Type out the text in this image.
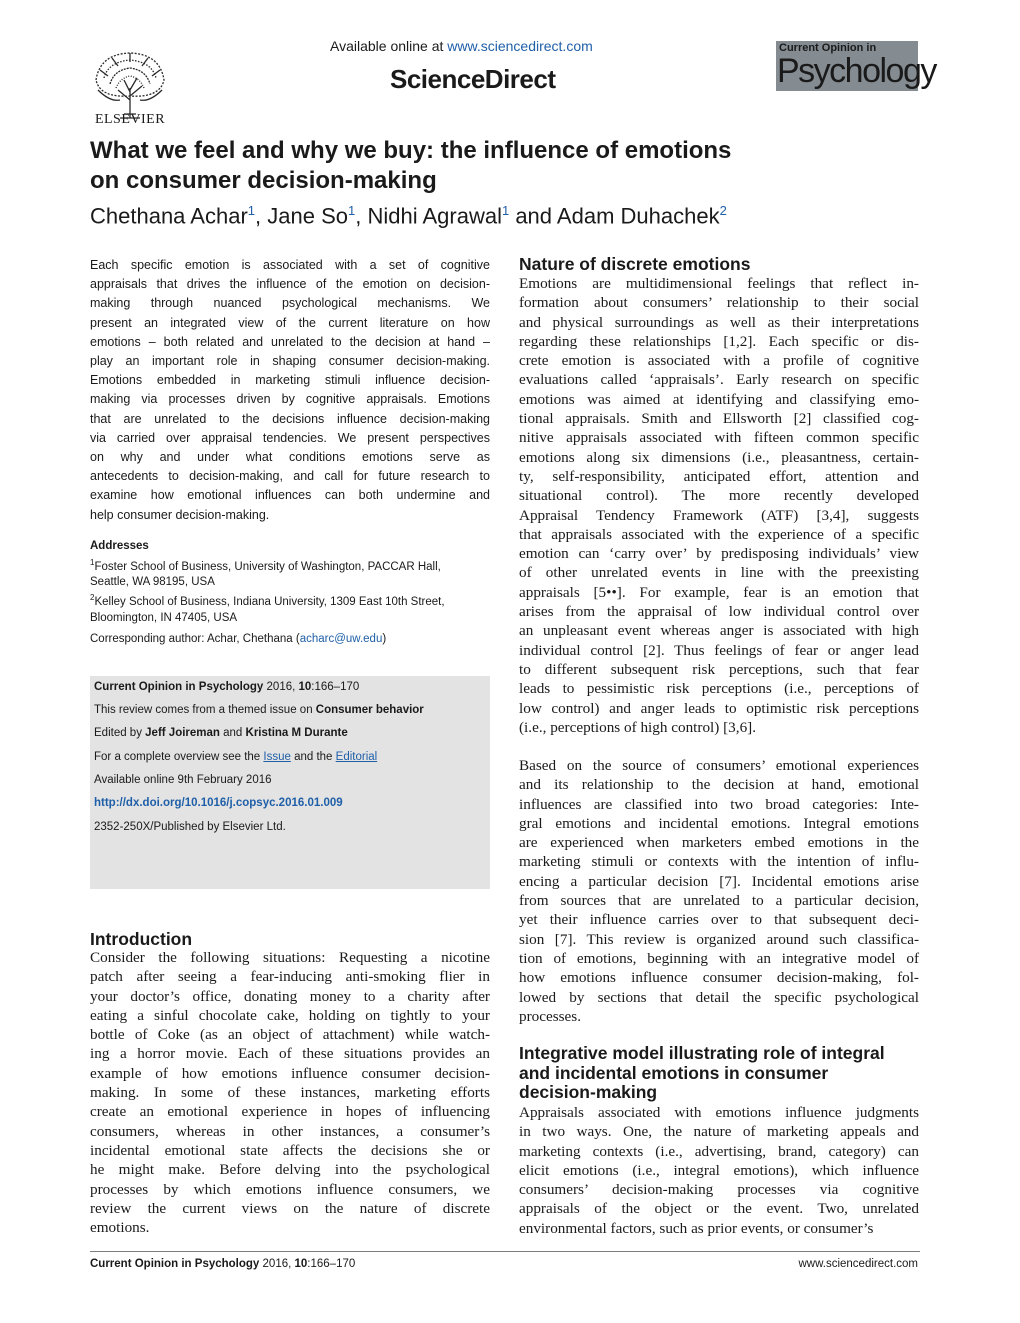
ELSEVIER
Available online at www.sciencedirect.com
ScienceDirect
Current Opinion in
Psychology
What we feel and why we buy: the influence of emotions
on consumer decision-making
Chethana Achar$^1$, Jane So$^1$, Nidhi Agrawal$^1$ and Adam Duhachek$^2$
Each specific emotion is associated with a set of cognitive
appraisals that drives the influence of the emotion on decision-
making through nuanced psychological mechanisms. We
present an integrated view of the current literature on how
emotions – both related and unrelated to the decision at hand –
play an important role in shaping consumer decision-making.
Emotions embedded in marketing stimuli influence decision-
making via processes driven by cognitive appraisals. Emotions
that are unrelated to the decisions influence decision-making
via carried over appraisal tendencies. We present perspectives
on why and under what conditions emotions serve as
antecedents to decision-making, and call for future research to
examine how emotional influences can both undermine and
help consumer decision-making.
Addresses
$^1$Foster School of Business, University of Washington, PACCAR Hall,
Seattle, WA 98195, USA
$^2$Kelley School of Business, Indiana University, 1309 East 10th Street,
Bloomington, IN 47405, USA
Corresponding author: Achar, Chethana (acharc@uw.edu)
Current Opinion in Psychology 2016, 10:166–170
This review comes from a themed issue on Consumer behavior
Edited by Jeff Joireman and Kristina M Durante
For a complete overview see the Issue and the Editorial
Available online 9th February 2016
http://dx.doi.org/10.1016/j.copsyc.2016.01.009
2352-250X/Published by Elsevier Ltd.
Introduction
Consider the following situations: Requesting a nicotine
patch after seeing a fear-inducing anti-smoking flier in
your doctor’s office, donating money to a charity after
eating a sinful chocolate cake, holding on tightly to your
bottle of Coke (as an object of attachment) while watch-
ing a horror movie. Each of these situations provides an
example of how emotions influence consumer decision-
making. In some of these instances, marketing efforts
create an emotional experience in hopes of influencing
consumers, whereas in other instances, a consumer’s
incidental emotional state affects the decisions she or
he might make. Before delving into the psychological
processes by which emotions influence consumers, we
review the current views on the nature of discrete
emotions.
Nature of discrete emotions
Emotions are multidimensional feelings that reflect in-
formation about consumers’ relationship to their social
and physical surroundings as well as their interpretations
regarding these relationships [1,2]. Each specific or dis-
crete emotion is associated with a profile of cognitive
evaluations called ‘appraisals’. Early research on specific
emotions was aimed at identifying and classifying emo-
tional appraisals. Smith and Ellsworth [2] classified cog-
nitive appraisals associated with fifteen common specific
emotions along six dimensions (i.e., pleasantness, certain-
ty, self-responsibility, anticipated effort, attention and
situational control). The more recently developed
Appraisal Tendency Framework (ATF) [3,4], suggests
that appraisals associated with the experience of a specific
emotion can ‘carry over’ by predisposing individuals’ view
of other unrelated events in line with the preexisting
appraisals [5••]. For example, fear is an emotion that
arises from the appraisal of low individual control over
an unpleasant event whereas anger is associated with high
individual control [2]. Thus feelings of fear or anger lead
to different subsequent risk perceptions, such that fear
leads to pessimistic risk perceptions (i.e., perceptions of
low control) and anger leads to optimistic risk perceptions
(i.e., perceptions of high control) [3,6].
Based on the source of consumers’ emotional experiences
and its relationship to the decision at hand, emotional
influences are classified into two broad categories: Inte-
gral emotions and incidental emotions. Integral emotions
are experienced when marketers embed emotions in the
marketing stimuli or contexts with the intention of influ-
encing a particular decision [7]. Incidental emotions arise
from sources that are unrelated to a particular decision,
yet their influence carries over to that subsequent deci-
sion [7]. This review is organized around such classifica-
tion of emotions, beginning with an integrative model of
how emotions influence consumer decision-making, fol-
lowed by sections that detail the specific psychological
processes.
Integrative model illustrating role of integral
and incidental emotions in consumer
decision-making
Appraisals associated with emotions influence judgments
in two ways. One, the nature of marketing appeals and
marketing contexts (i.e., advertising, brand, category) can
elicit emotions (i.e., integral emotions), which influence
consumers’ decision-making processes via cognitive
appraisals of the object or the event. Two, unrelated
environmental factors, such as prior events, or consumer’s
Current Opinion in Psychology 2016, 10:166–170	www.sciencedirect.com
